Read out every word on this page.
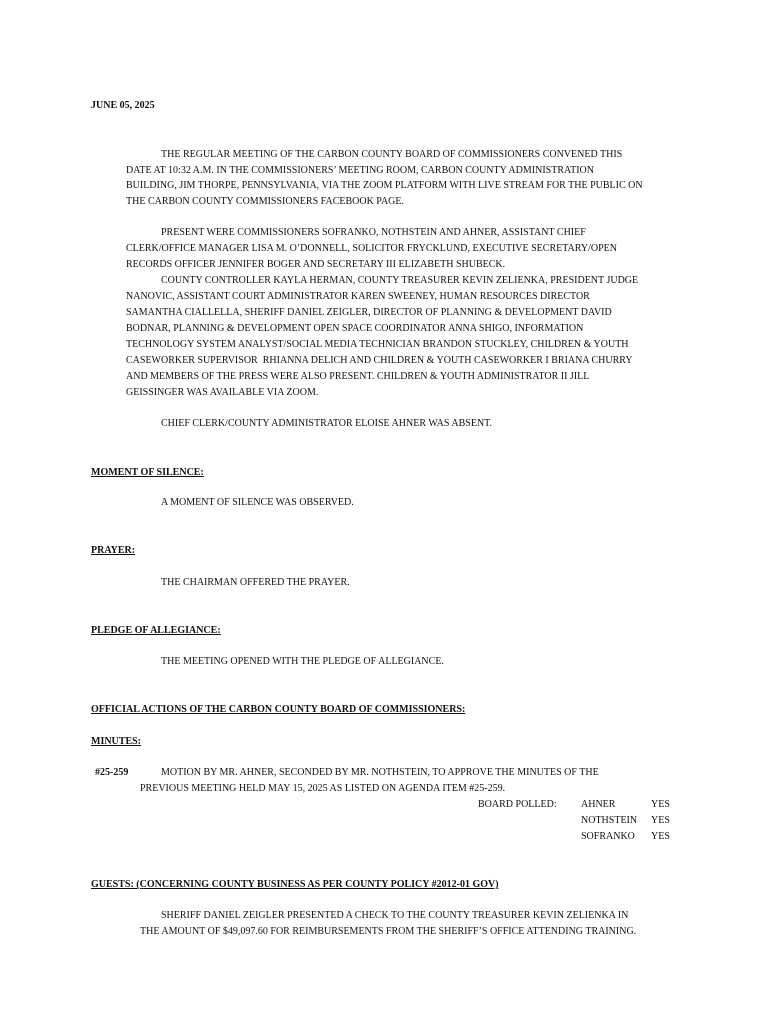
JUNE 05, 2025
THE REGULAR MEETING OF THE CARBON COUNTY BOARD OF COMMISSIONERS CONVENED THIS
DATE AT 10:32 A.M. IN THE COMMISSIONERS’ MEETING ROOM, CARBON COUNTY ADMINISTRATION
BUILDING, JIM THORPE, PENNSYLVANIA, VIA THE ZOOM PLATFORM WITH LIVE STREAM FOR THE PUBLIC ON
THE CARBON COUNTY COMMISSIONERS FACEBOOK PAGE.
PRESENT WERE COMMISSIONERS SOFRANKO, NOTHSTEIN AND AHNER, ASSISTANT CHIEF
CLERK/OFFICE MANAGER LISA M. O’DONNELL, SOLICITOR FRYCKLUND, EXECUTIVE SECRETARY/OPEN
RECORDS OFFICER JENNIFER BOGER AND SECRETARY III ELIZABETH SHUBECK.
COUNTY CONTROLLER KAYLA HERMAN, COUNTY TREASURER KEVIN ZELIENKA, PRESIDENT JUDGE
NANOVIC, ASSISTANT COURT ADMINISTRATOR KAREN SWEENEY, HUMAN RESOURCES DIRECTOR
SAMANTHA CIALLELLA, SHERIFF DANIEL ZEIGLER, DIRECTOR OF PLANNING & DEVELOPMENT DAVID
BODNAR, PLANNING & DEVELOPMENT OPEN SPACE COORDINATOR ANNA SHIGO, INFORMATION
TECHNOLOGY SYSTEM ANALYST/SOCIAL MEDIA TECHNICIAN BRANDON STUCKLEY, CHILDREN & YOUTH
CASEWORKER SUPERVISOR  RHIANNA DELICH AND CHILDREN & YOUTH CASEWORKER I BRIANA CHURRY
AND MEMBERS OF THE PRESS WERE ALSO PRESENT. CHILDREN & YOUTH ADMINISTRATOR II JILL
GEISSINGER WAS AVAILABLE VIA ZOOM.
CHIEF CLERK/COUNTY ADMINISTRATOR ELOISE AHNER WAS ABSENT.
MOMENT OF SILENCE:
A MOMENT OF SILENCE WAS OBSERVED.
PRAYER:
THE CHAIRMAN OFFERED THE PRAYER.
PLEDGE OF ALLEGIANCE:
THE MEETING OPENED WITH THE PLEDGE OF ALLEGIANCE.
OFFICIAL ACTIONS OF THE CARBON COUNTY BOARD OF COMMISSIONERS:
MINUTES:
#25-259	MOTION BY MR. AHNER, SECONDED BY MR. NOTHSTEIN, TO APPROVE THE MINUTES OF THE
PREVIOUS MEETING HELD MAY 15, 2025 AS LISTED ON AGENDA ITEM #25-259.
BOARD POLLED: AHNER	YES
NOTHSTEIN YES
SOFRANKO YES
GUESTS: (CONCERNING COUNTY BUSINESS AS PER COUNTY POLICY #2012-01 GOV)
SHERIFF DANIEL ZEIGLER PRESENTED A CHECK TO THE COUNTY TREASURER KEVIN ZELIENKA IN
THE AMOUNT OF $49,097.60 FOR REIMBURSEMENTS FROM THE SHERIFF’S OFFICE ATTENDING TRAINING.
